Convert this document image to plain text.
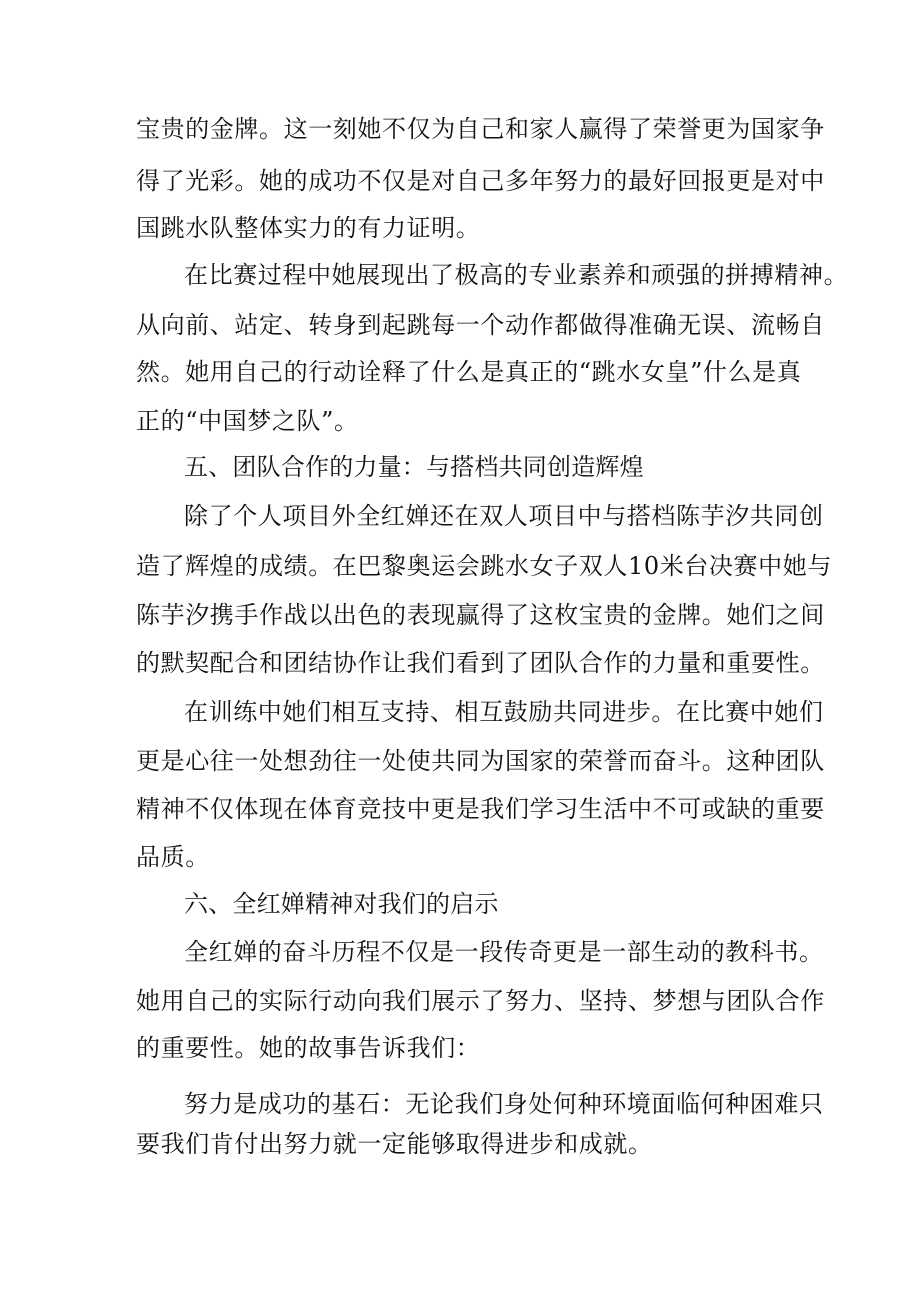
宝贵的金牌。这一刻她不仅为自己和家人赢得了荣誉更为国家争
得了光彩。她的成功不仅是对自己多年努力的最好回报更是对中
国跳水队整体实力的有力证明。
在比赛过程中她展现出了极高的专业素养和顽强的拼搏精神。
从向前、站定、转身到起跳每一个动作都做得准确无误、流畅自
然。她用自己的行动诠释了什么是真正的“跳水女皇”什么是真
正的“中国梦之队”。
五、团队合作的力量：与搭档共同创造辉煌
除了个人项目外全红婵还在双人项目中与搭档陈芋汐共同创
造了辉煌的成绩。在巴黎奥运会跳水女子双人10米台决赛中她与
陈芋汐携手作战以出色的表现赢得了这枚宝贵的金牌。她们之间
的默契配合和团结协作让我们看到了团队合作的力量和重要性。
在训练中她们相互支持、相互鼓励共同进步。在比赛中她们
更是心往一处想劲往一处使共同为国家的荣誉而奋斗。这种团队
精神不仅体现在体育竞技中更是我们学习生活中不可或缺的重要
品质。
六、全红婵精神对我们的启示
全红婵的奋斗历程不仅是一段传奇更是一部生动的教科书。
她用自己的实际行动向我们展示了努力、坚持、梦想与团队合作
的重要性。她的故事告诉我们：
努力是成功的基石：无论我们身处何种环境面临何种困难只
要我们肯付出努力就一定能够取得进步和成就。
